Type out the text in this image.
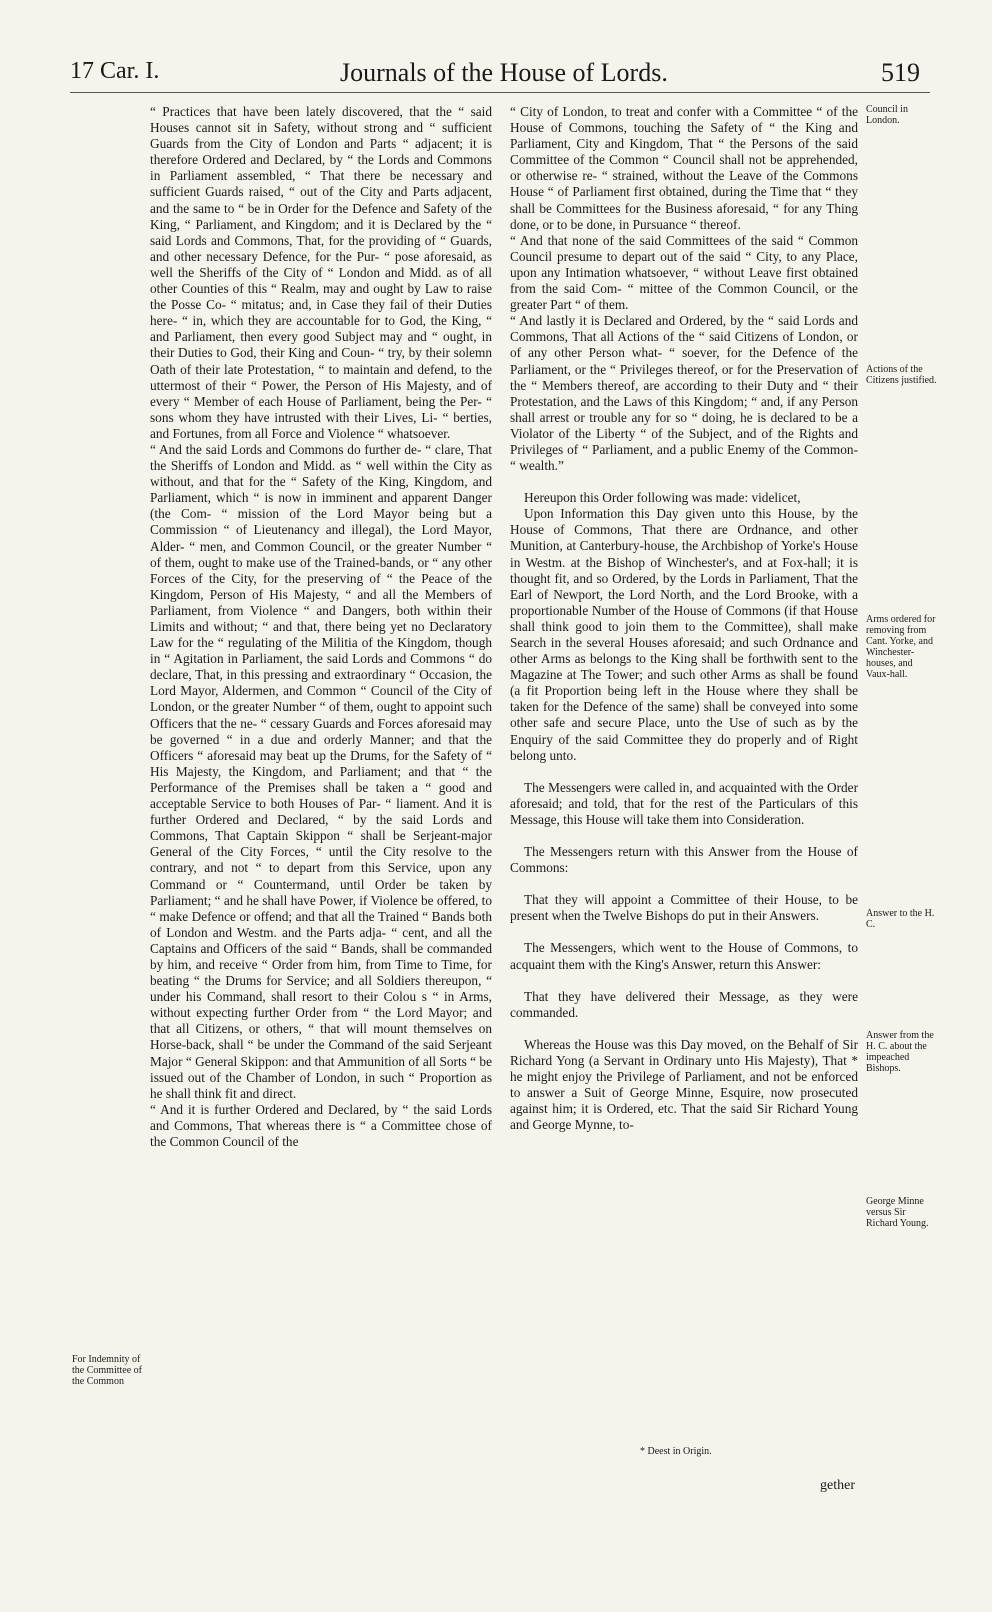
17 Car. I.	Journals of the House of Lords.	519

“ Practices that have been lately discovered, that the “ said Houses cannot sit in Safety, without strong and “ sufficient Guards from the City of London and Parts “ adjacent; it is therefore Ordered and Declared, by “ the Lords and Commons in Parliament assembled, “ That there be necessary and sufficient Guards raised, “ out of the City and Parts adjacent, and the same to “ be in Order for the Defence and Safety of the King, “ Parliament, and Kingdom; and it is Declared by the “ said Lords and Commons, That, for the providing of “ Guards, and other necessary Defence, for the Pur- “ pose aforesaid, as well the Sheriffs of the City of “ London and Midd. as of all other Counties of this “ Realm, may and ought by Law to raise the Posse Co- “ mitatus; and, in Case they fail of their Duties here- “ in, which they are accountable for to God, the King, “ and Parliament, then every good Subject may and “ ought, in their Duties to God, their King and Coun- “ try, by their solemn Oath of their late Protestation, “ to maintain and defend, to the uttermost of their “ Power, the Person of His Majesty, and of every “ Member of each House of Parliament, being the Per- “ sons whom they have intrusted with their Lives, Li- “ berties, and Fortunes, from all Force and Violence “ whatsoever.

“ And the said Lords and Commons do further de- “ clare, That the Sheriffs of London and Midd. as “ well within the City as without, and that for the “ Safety of the King, Kingdom, and Parliament, which “ is now in imminent and apparent Danger (the Com- “ mission of the Lord Mayor being but a Commission “ of Lieutenancy and illegal), the Lord Mayor, Alder- “ men, and Common Council, or the greater Number “ of them, ought to make use of the Trained-bands, or “ any other Forces of the City, for the preserving of “ the Peace of the Kingdom, Person of His Majesty, “ and all the Members of Parliament, from Violence “ and Dangers, both within their Limits and without; “ and that, there being yet no Declaratory Law for the “ regulating of the Militia of the Kingdom, though in “ Agitation in Parliament, the said Lords and Commons “ do declare, That, in this pressing and extraordinary “ Occasion, the Lord Mayor, Aldermen, and Common “ Council of the City of London, or the greater Number “ of them, ought to appoint such Officers that the ne- “ cessary Guards and Forces aforesaid may be governed “ in a due and orderly Manner; and that the Officers “ aforesaid may beat up the Drums, for the Safety of “ His Majesty, the Kingdom, and Parliament; and that “ the Performance of the Premises shall be taken a “ good and acceptable Service to both Houses of Par- “ liament. And it is further Ordered and Declared, “ by the said Lords and Commons, That Captain Skippon “ shall be Serjeant-major General of the City Forces, “ until the City resolve to the contrary, and not “ to depart from this Service, upon any Command or “ Countermand, until Order be taken by Parliament; “ and he shall have Power, if Violence be offered, to “ make Defence or offend; and that all the Trained “ Bands both of London and Westm. and the Parts adja- “ cent, and all the Captains and Officers of the said “ Bands, shall be commanded by him, and receive “ Order from him, from Time to Time, for beating “ the Drums for Service; and all Soldiers thereupon, “ under his Command, shall resort to their Colou s “ in Arms, without expecting further Order from “ the Lord Mayor; and that all Citizens, or others, “ that will mount themselves on Horse-back, shall “ be under the Command of the said Serjeant Major “ General Skippon: and that Ammunition of all Sorts “ be issued out of the Chamber of London, in such “ Proportion as he shall think fit and direct.

“ And it is further Ordered and Declared, by “ the said Lords and Commons, That whereas there is “ a Committee chose of the Common Council of the

“ City of London, to treat and confer with a Committee “ of the House of Commons, touching the Safety of “ the King and Parliament, City and Kingdom, That “ the Persons of the said Committee of the Common “ Council shall not be apprehended, or otherwise re- “ strained, without the Leave of the Commons House “ of Parliament first obtained, during the Time that “ they shall be Committees for the Business aforesaid, “ for any Thing done, or to be done, in Pursuance “ thereof.

“ And that none of the said Committees of the said “ Common Council presume to depart out of the said “ City, to any Place, upon any Intimation whatsoever, “ without Leave first obtained from the said Com- “ mittee of the Common Council, or the greater Part “ of them.

“ And lastly it is Declared and Ordered, by the “ said Lords and Commons, That all Actions of the “ said Citizens of London, or of any other Person what- “ soever, for the Defence of the Parliament, or the “ Privileges thereof, or for the Preservation of the “ Members thereof, are according to their Duty and “ their Protestation, and the Laws of this Kingdom; “ and, if any Person shall arrest or trouble any for so “ doing, he is declared to be a Violator of the Liberty “ of the Subject, and of the Rights and Privileges of “ Parliament, and a public Enemy of the Common- “ wealth.”

Hereupon this Order following was made: videlicet,

Upon Information this Day given unto this House, by the House of Commons, That there are Ordnance, and other Munition, at Canterbury-house, the Archbishop of Yorke's House in Westm. at the Bishop of Winchester's, and at Fox-hall; it is thought fit, and so Ordered, by the Lords in Parliament, That the Earl of Newport, the Lord North, and the Lord Brooke, with a proportionable Number of the House of Commons (if that House shall think good to join them to the Committee), shall make Search in the several Houses aforesaid; and such Ordnance and other Arms as belongs to the King shall be forthwith sent to the Magazine at The Tower; and such other Arms as shall be found (a fit Proportion being left in the House where they shall be taken for the Defence of the same) shall be conveyed into some other safe and secure Place, unto the Use of such as by the Enquiry of the said Committee they do properly and of Right belong unto.

The Messengers were called in, and acquainted with the Order aforesaid; and told, that for the rest of the Particulars of this Message, this House will take them into Consideration.

The Messengers return with this Answer from the House of Commons:

That they will appoint a Committee of their House, to be present when the Twelve Bishops do put in their Answers.

The Messengers, which went to the House of Commons, to acquaint them with the King's Answer, return this Answer:

That they have delivered their Message, as they were commanded.

Whereas the House was this Day moved, on the Behalf of Sir Richard Yong (a Servant in Ordinary unto His Majesty), That * he might enjoy the Privilege of Parliament, and not be enforced to answer a Suit of George Minne, Esquire, now prosecuted against him; it is Ordered, etc. That the said Sir Richard Young and George Mynne, to-

Council in London.
Actions of the Citizens justified.
Arms ordered for removing from Cant. Yorke, and Winchester-houses, and Vaux-hall.
Answer to the H. C.
Answer from the H. C. about the impeached Bishops.
George Minne versus Sir Richard Young.
For Indemnity of the Committee of the Common
* Deest in Origin.
gether
